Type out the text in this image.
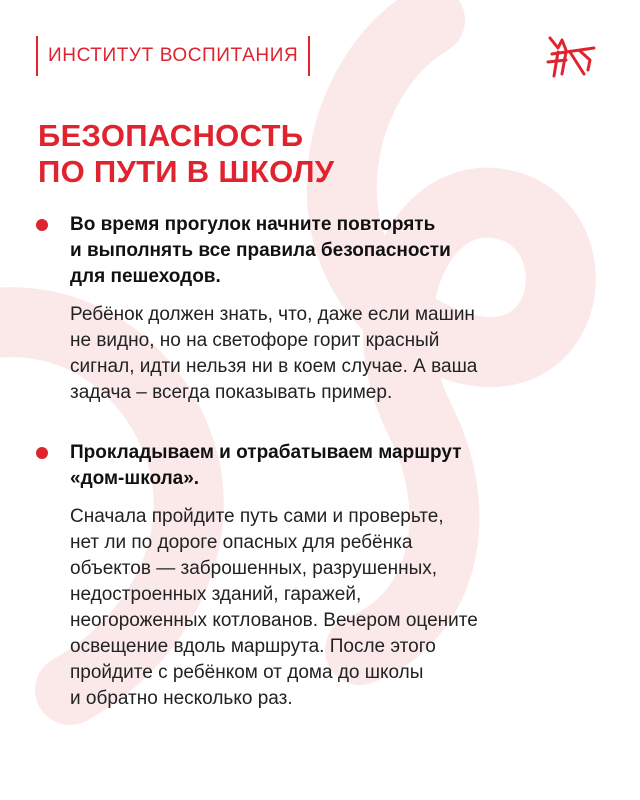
ИНСТИТУТ ВОСПИТАНИЯ
БЕЗОПАСНОСТЬ
ПО ПУТИ В ШКОЛУ

Во время прогулок начните повторять
и выполнять все правила безопасности
для пешеходов.

Ребёнок должен знать, что, даже если машин
не видно, но на светофоре горит красный
сигнал, идти нельзя ни в коем случае. А ваша
задача – всегда показывать пример.

Прокладываем и отрабатываем маршрут
«дом-школа».

Сначала пройдите путь сами и проверьте,
нет ли по дороге опасных для ребёнка
объектов — заброшенных, разрушенных,
недостроенных зданий, гаражей,
неогороженных котлованов. Вечером оцените
освещение вдоль маршрута. После этого
пройдите с ребёнком от дома до школы
и обратно несколько раз.
